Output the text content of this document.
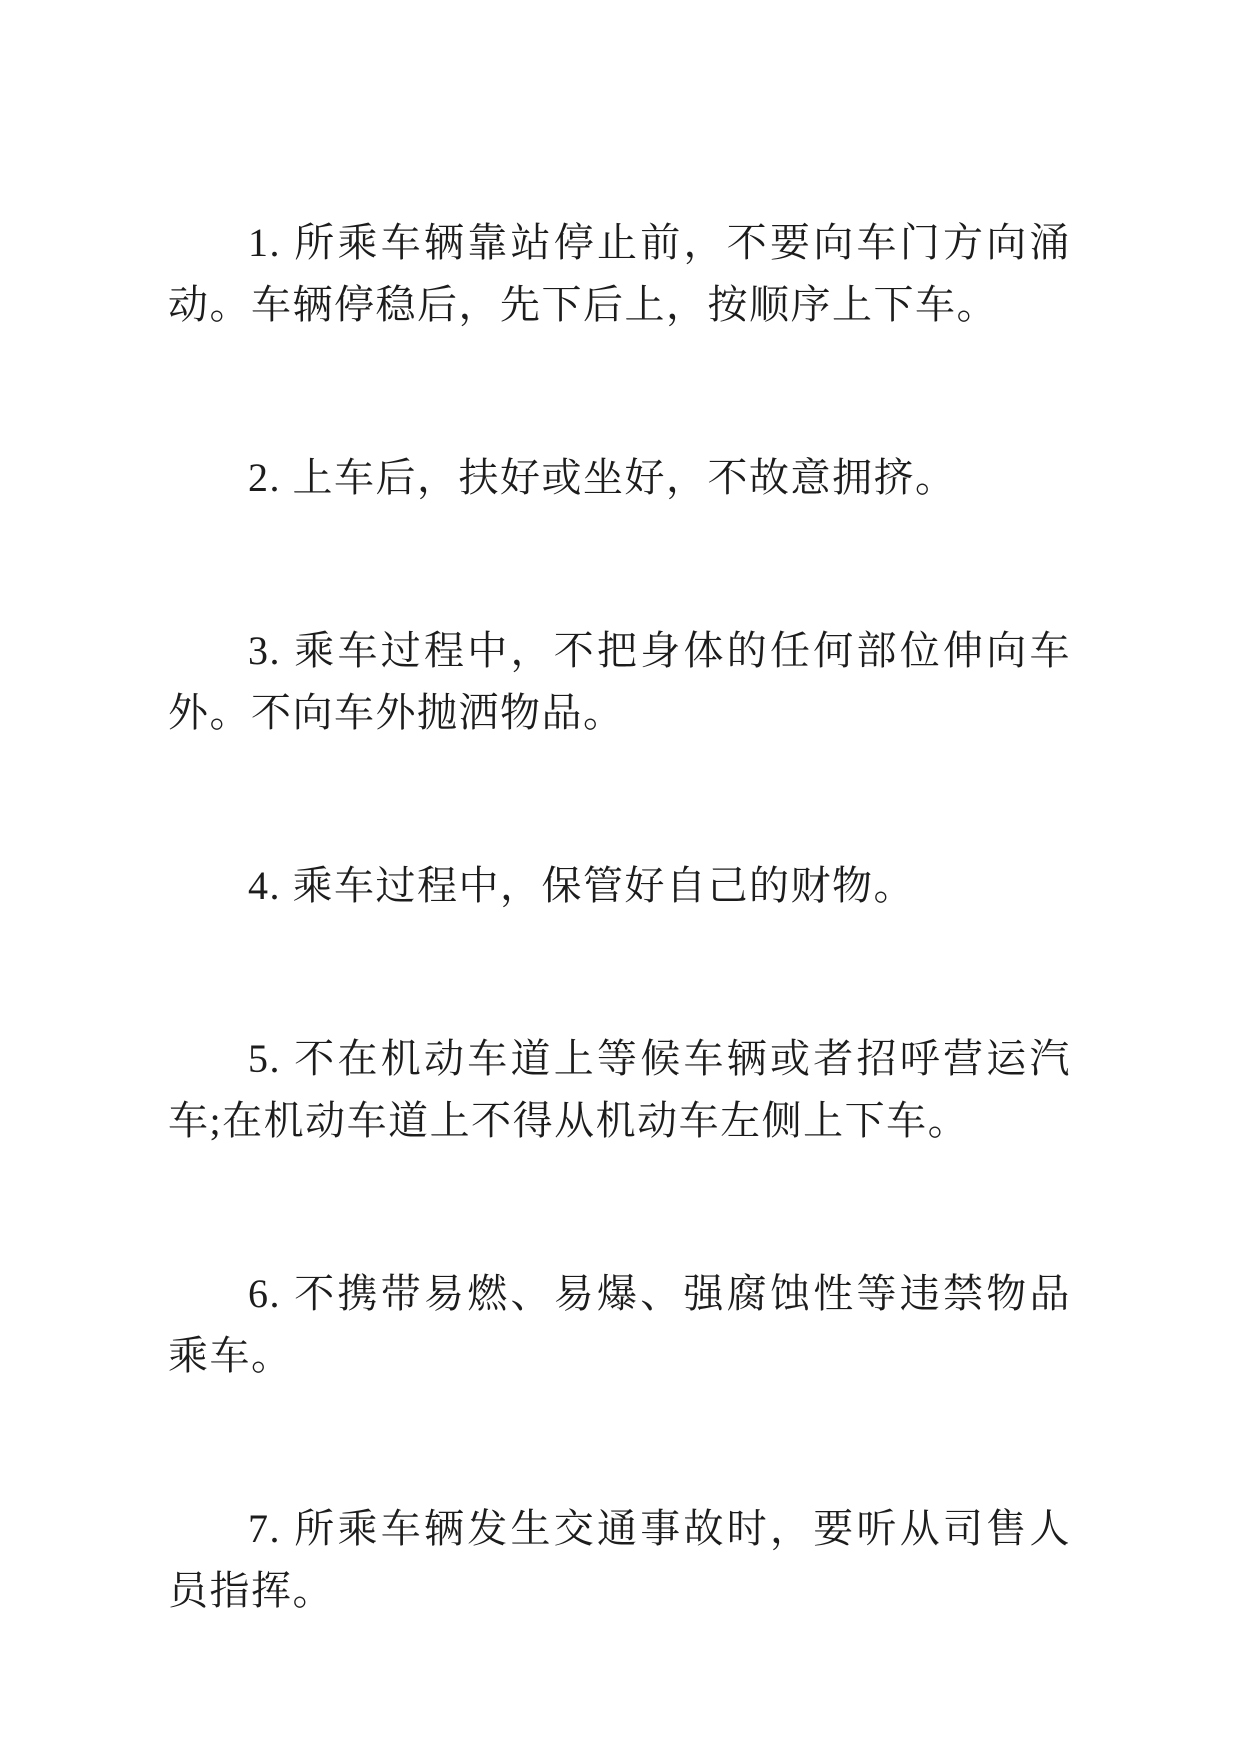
1. 所乘车辆靠站停止前，不要向车门方向涌动。车辆停稳后，先下后上，按顺序上下车。

2. 上车后，扶好或坐好，不故意拥挤。

3. 乘车过程中，不把身体的任何部位伸向车外。不向车外抛洒物品。

4. 乘车过程中，保管好自己的财物。

5. 不在机动车道上等候车辆或者招呼营运汽车;在机动车道上不得从机动车左侧上下车。

6. 不携带易燃、易爆、强腐蚀性等违禁物品乘车。

7. 所乘车辆发生交通事故时，要听从司售人员指挥。
